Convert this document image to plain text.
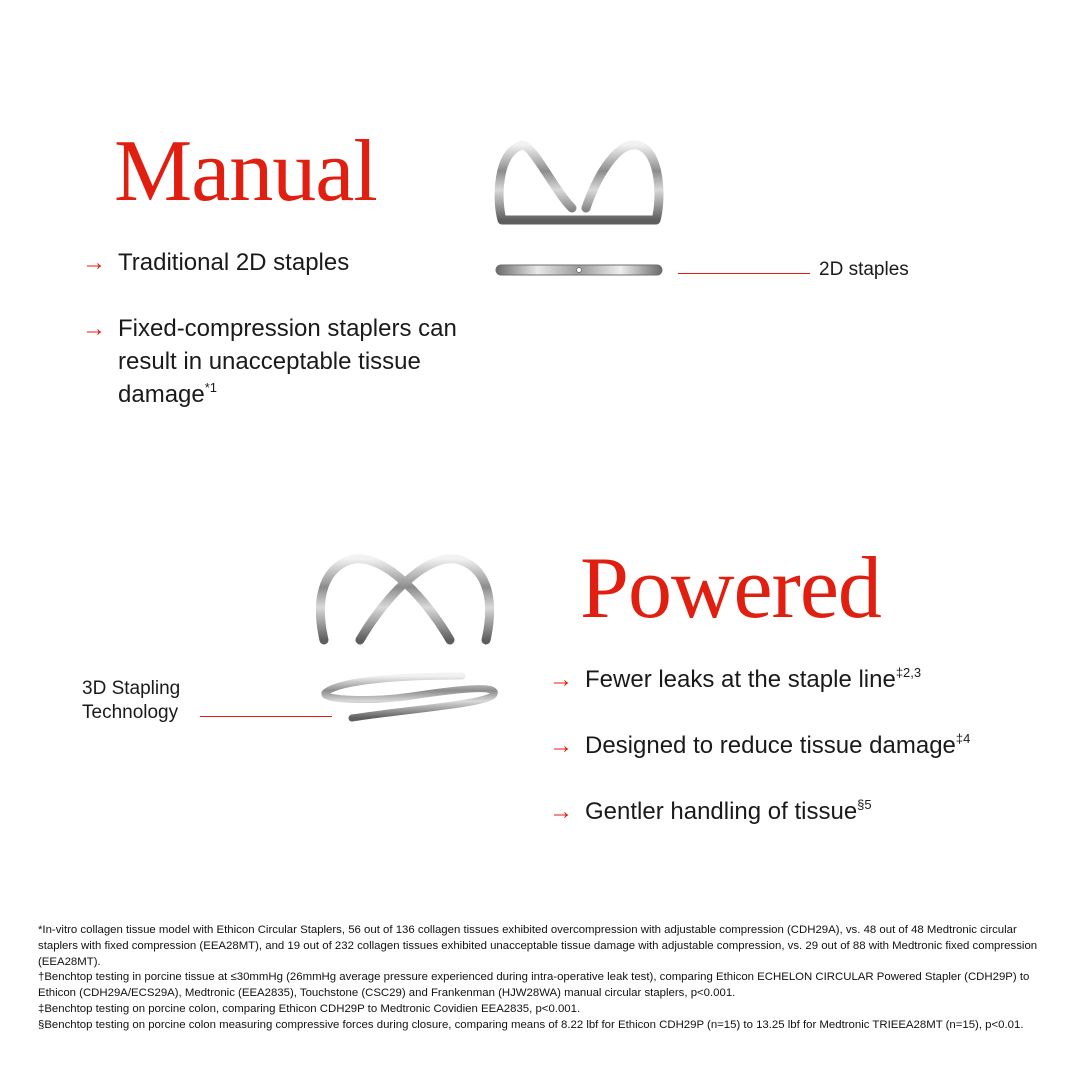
Manual
→ Traditional 2D staples
→ Fixed-compression staplers can result in unacceptable tissue damage$^{*1}$
2D staples
3D Stapling Technology
Powered
→ Fewer leaks at the staple line$^{\ddagger 2,3}$
→ Designed to reduce tissue damage$^{\ddagger 4}$
→ Gentler handling of tissue$^{\S 5}$

*In-vitro collagen tissue model with Ethicon Circular Staplers, 56 out of 136 collagen tissues exhibited overcompression with adjustable compression (CDH29A), vs. 48 out of 48 Medtronic circular staplers with fixed compression (EEA28MT), and 19 out of 232 collagen tissues exhibited unacceptable tissue damage with adjustable compression, vs. 29 out of 88 with Medtronic fixed compression (EEA28MT).

†Benchtop testing in porcine tissue at ≤30mmHg (26mmHg average pressure experienced during intra-operative leak test), comparing Ethicon ECHELON CIRCULAR Powered Stapler (CDH29P) to Ethicon (CDH29A/ECS29A), Medtronic (EEA2835), Touchstone (CSC29) and Frankenman (HJW28WA) manual circular staplers, p<0.001.

‡Benchtop testing on porcine colon, comparing Ethicon CDH29P to Medtronic Covidien EEA2835, p<0.001.

§Benchtop testing on porcine colon measuring compressive forces during closure, comparing means of 8.22 lbf for Ethicon CDH29P (n=15) to 13.25 lbf for Medtronic TRIEEA28MT (n=15), p<0.01.
